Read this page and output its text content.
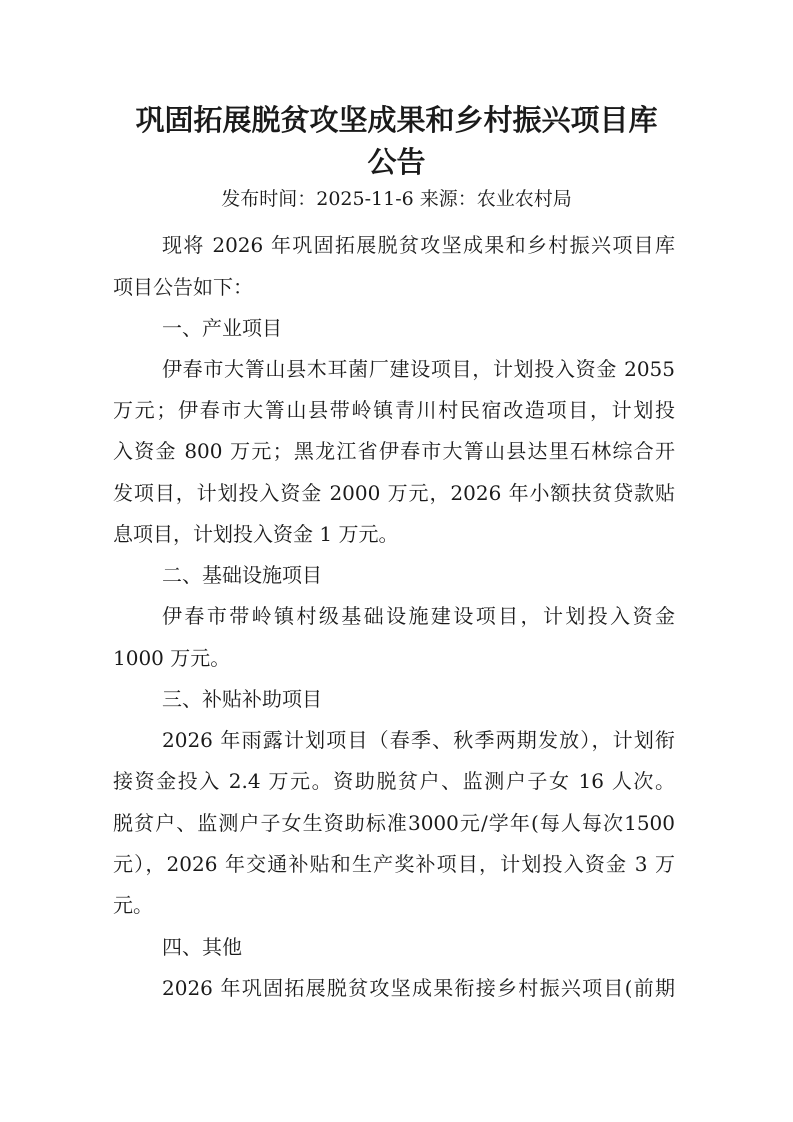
巩固拓展脱贫攻坚成果和乡村振兴项目库
公告
发布时间：2025-11-6 来源：农业农村局
现将 2026 年巩固拓展脱贫攻坚成果和乡村振兴项目库
项目公告如下：
一、产业项目
伊春市大箐山县木耳菌厂建设项目，计划投入资金 2055
万元；伊春市大箐山县带岭镇青川村民宿改造项目，计划投
入资金 800 万元；黑龙江省伊春市大箐山县达里石林综合开
发项目，计划投入资金 2000 万元，2026 年小额扶贫贷款贴
息项目，计划投入资金 1 万元。
二、基础设施项目
伊春市带岭镇村级基础设施建设项目，计划投入资金
1000 万元。
三、补贴补助项目
2026 年雨露计划项目（春季、秋季两期发放），计划衔
接资金投入 2.4 万元。资助脱贫户、监测户子女 16 人次。
脱贫户、监测户子女生资助标准3000元/学年(每人每次1500
元），2026 年交通补贴和生产奖补项目，计划投入资金 3 万
元。
四、其他
2026 年巩固拓展脱贫攻坚成果衔接乡村振兴项目(前期
